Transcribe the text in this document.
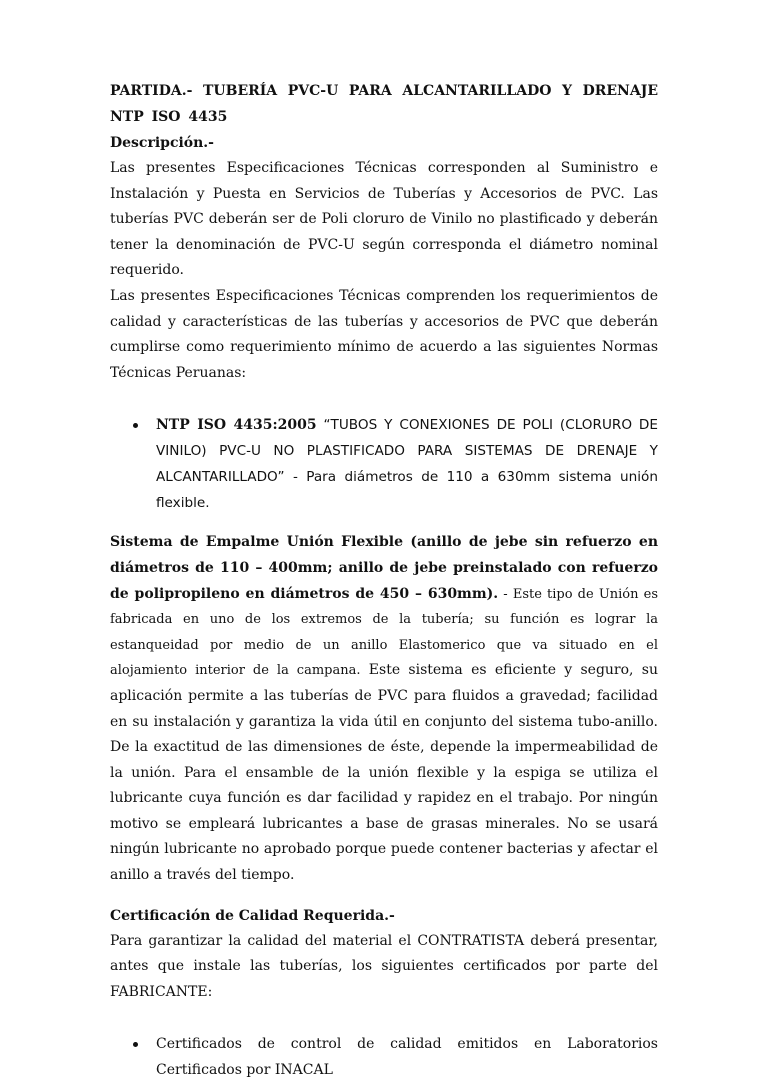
PARTIDA.- TUBERÍA PVC-U PARA ALCANTARILLADO Y DRENAJE NTP ISO 4435

Descripción.-

Las presentes Especificaciones Técnicas corresponden al Suministro e Instalación y Puesta en Servicios de Tuberías y Accesorios de PVC. Las tuberías PVC deberán ser de Poli cloruro de Vinilo no plastificado y deberán tener la denominación de PVC-U según corresponda el diámetro nominal requerido.

Las presentes Especificaciones Técnicas comprenden los requerimientos de calidad y características de las tuberías y accesorios de PVC que deberán cumplirse como requerimiento mínimo de acuerdo a las siguientes Normas Técnicas Peruanas:

NTP ISO 4435:2005 “TUBOS Y CONEXIONES DE POLI (CLORURO DE VINILO) PVC-U NO PLASTIFICADO PARA SISTEMAS DE DRENAJE Y ALCANTARILLADO” - Para diámetros de 110 a 630mm sistema unión flexible.

Sistema de Empalme Unión Flexible (anillo de jebe sin refuerzo en diámetros de 110 – 400mm; anillo de jebe preinstalado con refuerzo de polipropileno en diámetros de 450 – 630mm). - Este tipo de Unión es fabricada en uno de los extremos de la tubería; su función es lograr la estanqueidad por medio de un anillo Elastomerico que va situado en el alojamiento interior de la campana. Este sistema es eficiente y seguro, su aplicación permite a las tuberías de PVC para fluidos a gravedad; facilidad en su instalación y garantiza la vida útil en conjunto del sistema tubo-anillo. De la exactitud de las dimensiones de éste, depende la impermeabilidad de la unión. Para el ensamble de la unión flexible y la espiga se utiliza el lubricante cuya función es dar facilidad y rapidez en el trabajo. Por ningún motivo se empleará lubricantes a base de grasas minerales. No se usará ningún lubricante no aprobado porque puede contener bacterias y afectar el anillo a través del tiempo.

Certificación de Calidad Requerida.-

Para garantizar la calidad del material el CONTRATISTA deberá presentar, antes que instale las tuberías, los siguientes certificados por parte del FABRICANTE:

Certificados de control de calidad emitidos en Laboratorios Certificados por INACAL
